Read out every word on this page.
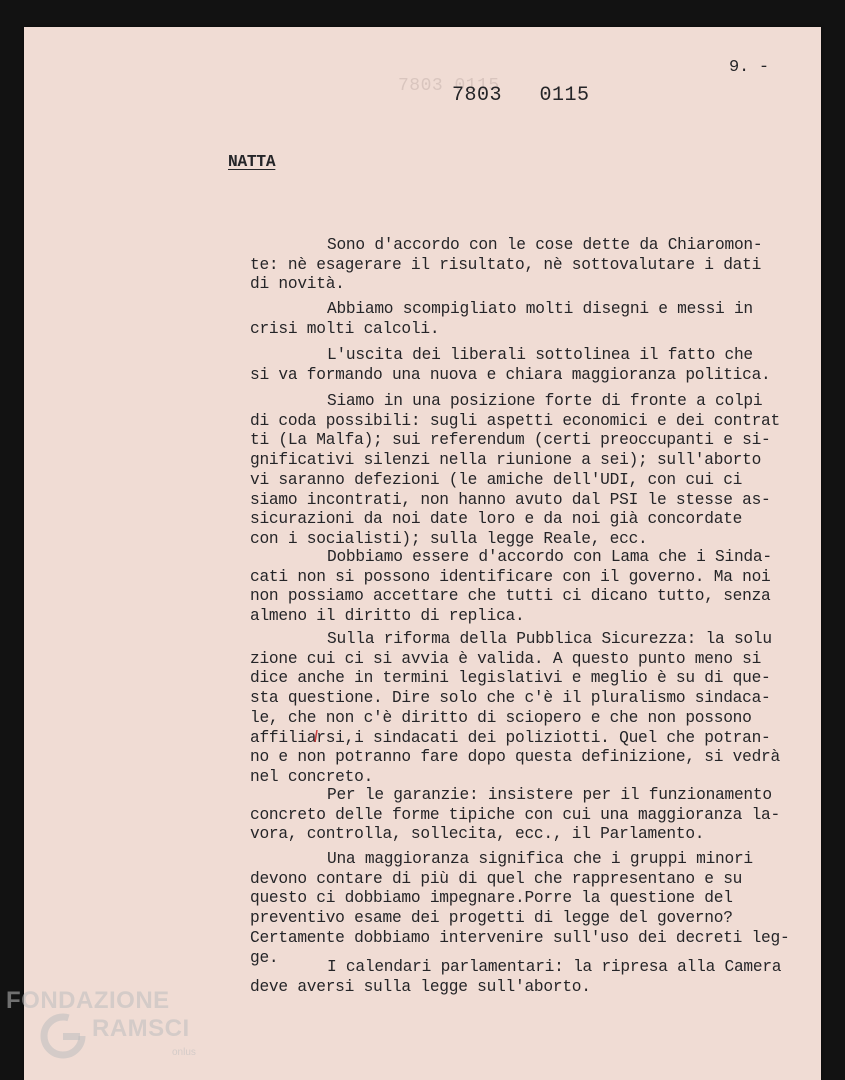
7803 0115
9. -
7803   0115
NATTA
Sono d'accordo con le cose dette da Chiaromon-
te: nè esagerare il risultato, nè sottovalutare i dati
di novità.
Abbiamo scompigliato molti disegni e messi in
crisi molti calcoli.
L'uscita dei liberali sottolinea il fatto che
si va formando una nuova e chiara maggioranza politica.
Siamo in una posizione forte di fronte a colpi
di coda possibili: sugli aspetti economici e dei contrat
ti (La Malfa); sui referendum (certi preoccupanti e si-
gnificativi silenzi nella riunione a sei); sull'aborto
vi saranno defezioni (le amiche dell'UDI, con cui ci
siamo incontrati, non hanno avuto dal PSI le stesse as-
sicurazioni da noi date loro e da noi già concordate
con i socialisti); sulla legge Reale, ecc.
Dobbiamo essere d'accordo con Lama che i Sinda-
cati non si possono identificare con il governo. Ma noi
non possiamo accettare che tutti ci dicano tutto, senza
almeno il diritto di replica.
Sulla riforma della Pubblica Sicurezza: la solu
zione cui ci si avvia è valida. A questo punto meno si
dice anche in termini legislativi e meglio è su di que-
sta questione. Dire solo che c'è il pluralismo sindaca-
le, che non c'è diritto di sciopero e che non possono
affiliarsi,i sindacati dei poliziotti. Quel che potran-
no e non potranno fare dopo questa definizione, si vedrà
nel concreto.
Per le garanzie: insistere per il funzionamento
concreto delle forme tipiche con cui una maggioranza la-
vora, controlla, sollecita, ecc., il Parlamento.
Una maggioranza significa che i gruppi minori
devono contare di più di quel che rappresentano e su
questo ci dobbiamo impegnare.Porre la questione del
preventivo esame dei progetti di legge del governo?
Certamente dobbiamo intervenire sull'uso dei decreti leg-
ge.
I calendari parlamentari: la ripresa alla Camera
deve aversi sulla legge sull'aborto.
FONDAZIONE
RAMSCI
onlus
